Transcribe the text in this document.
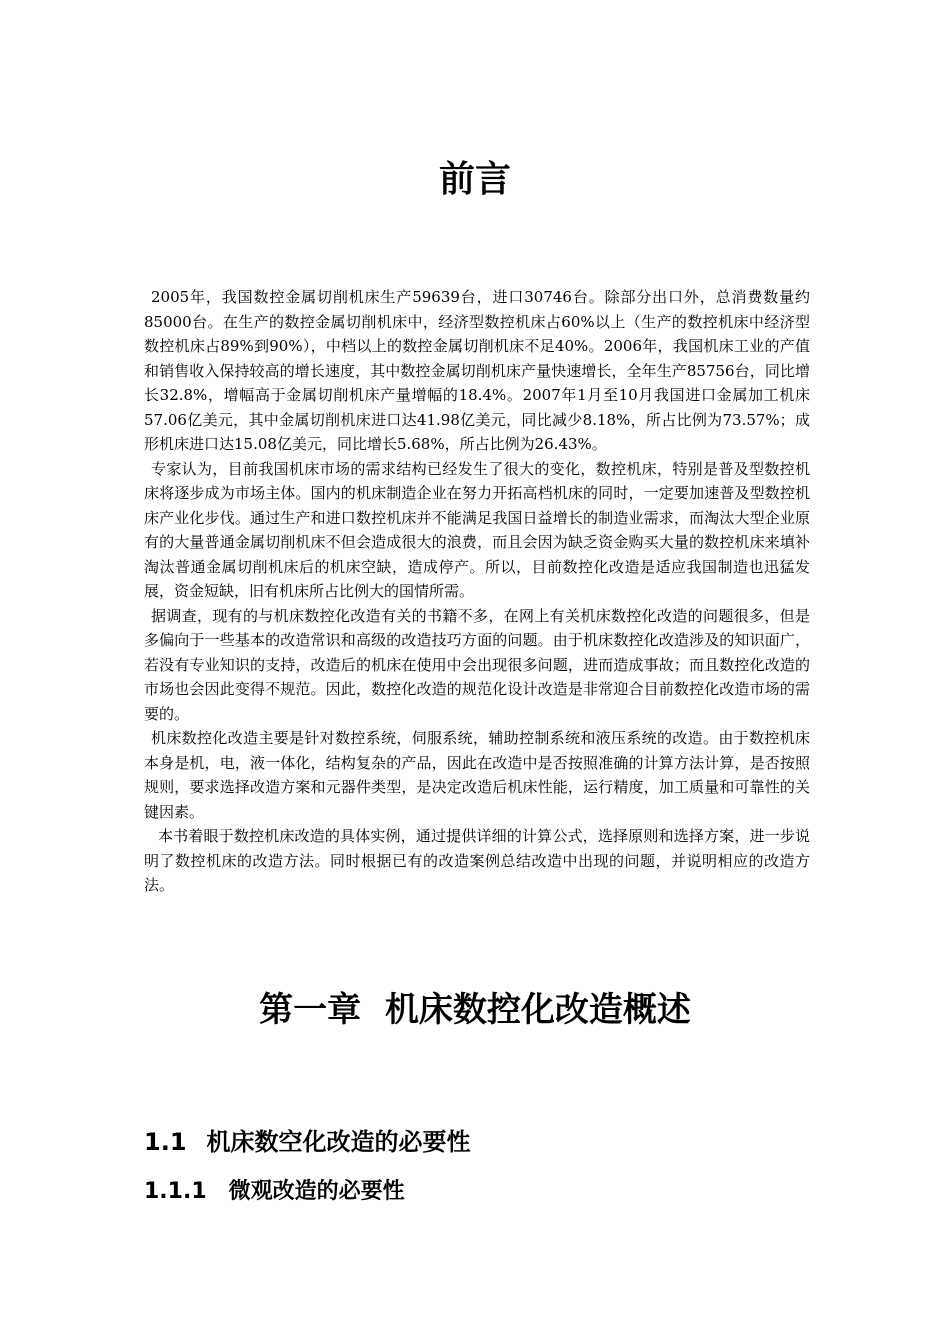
前言

2005年，我国数控金属切削机床生产59639台，进口30746台。除部分出口外，总消费数量约85000台。在生产的数控金属切削机床中，经济型数控机床占60%以上（生产的数控机床中经济型数控机床占89%到90%），中档以上的数控金属切削机床不足40%。2006年，我国机床工业的产值和销售收入保持较高的增长速度，其中数控金属切削机床产量快速增长，全年生产85756台，同比增长32.8%，增幅高于金属切削机床产量增幅的18.4%。2007年1月至10月我国进口金属加工机床57.06亿美元，其中金属切削机床进口达41.98亿美元，同比减少8.18%，所占比例为73.57%；成形机床进口达15.08亿美元，同比增长5.68%，所占比例为26.43%。

专家认为，目前我国机床市场的需求结构已经发生了很大的变化，数控机床，特别是普及型数控机床将逐步成为市场主体。国内的机床制造企业在努力开拓高档机床的同时，一定要加速普及型数控机床产业化步伐。通过生产和进口数控机床并不能满足我国日益增长的制造业需求，而淘汰大型企业原有的大量普通金属切削机床不但会造成很大的浪费，而且会因为缺乏资金购买大量的数控机床来填补淘汰普通金属切削机床后的机床空缺，造成停产。所以，目前数控化改造是适应我国制造也迅猛发展，资金短缺，旧有机床所占比例大的国情所需。

据调查，现有的与机床数控化改造有关的书籍不多，在网上有关机床数控化改造的问题很多，但是多偏向于一些基本的改造常识和高级的改造技巧方面的问题。由于机床数控化改造涉及的知识面广，若没有专业知识的支持，改造后的机床在使用中会出现很多问题，进而造成事故；而且数控化改造的市场也会因此变得不规范。因此，数控化改造的规范化设计改造是非常迎合目前数控化改造市场的需要的。

机床数控化改造主要是针对数控系统，伺服系统，辅助控制系统和液压系统的改造。由于数控机床本身是机，电，液一体化，结构复杂的产品，因此在改造中是否按照准确的计算方法计算，是否按照规则，要求选择改造方案和元器件类型，是决定改造后机床性能，运行精度，加工质量和可靠性的关键因素。

本书着眼于数控机床改造的具体实例，通过提供详细的计算公式，选择原则和选择方案，进一步说明了数控机床的改造方法。同时根据已有的改造案例总结改造中出现的问题，并说明相应的改造方法。

第一章  机床数控化改造概述
1.1 机床数空化改造的必要性
1.1.1 微观改造的必要性
